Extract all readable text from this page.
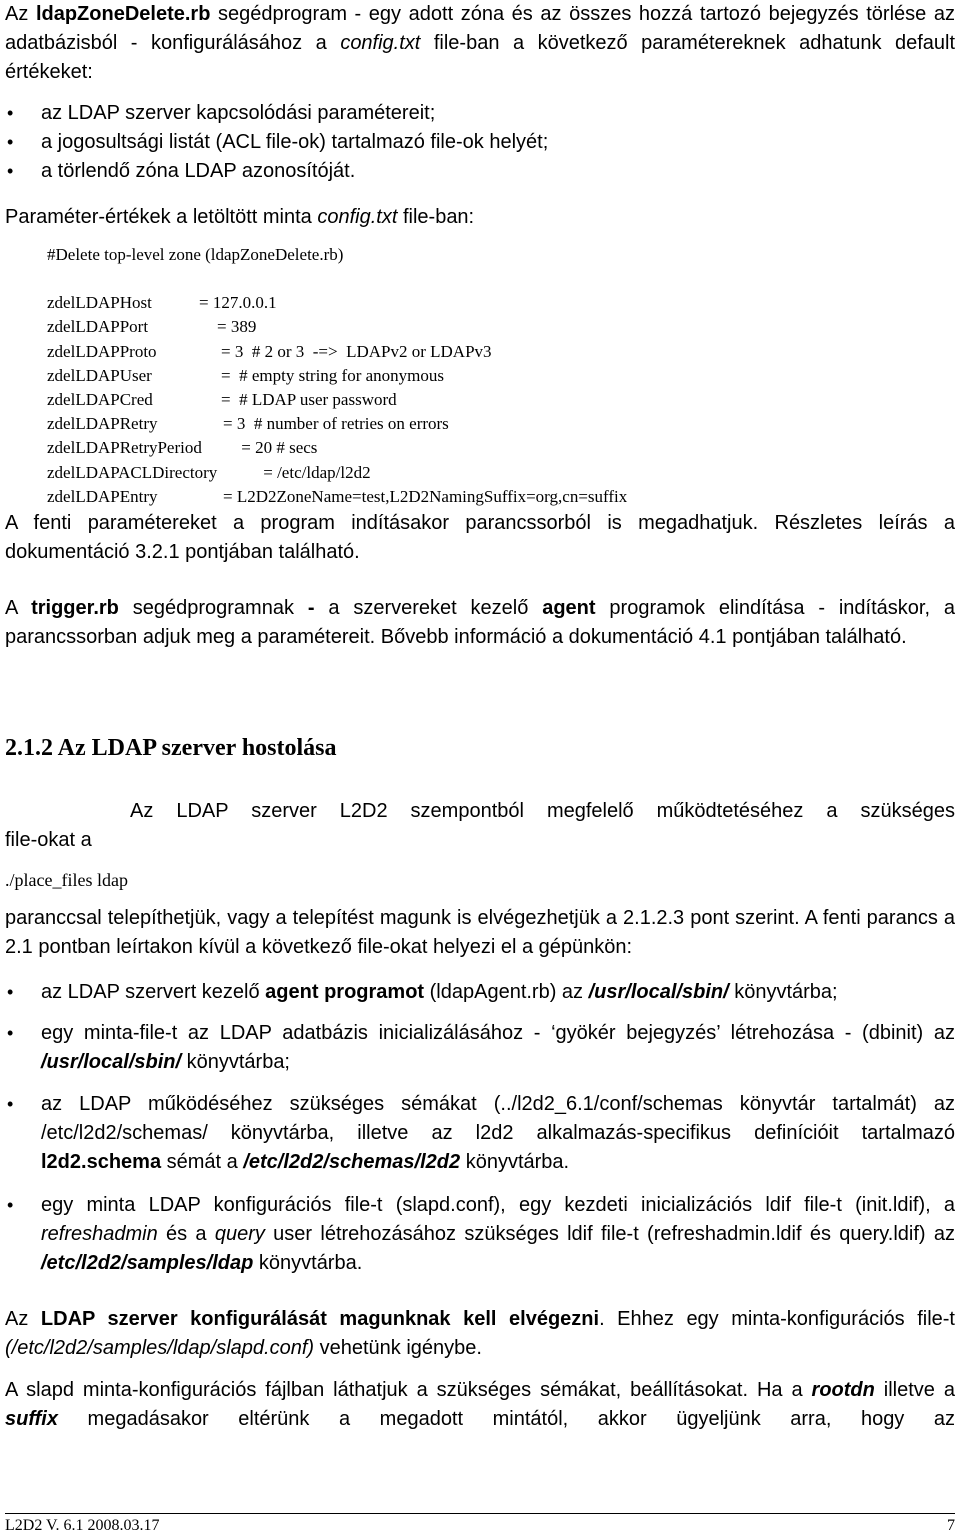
Az ldapZoneDelete.rb segédprogram - egy adott zóna és az összes hozzá tartozó bejegyzés törlése az adatbázisból - konfigurálásához a config.txt file-ban a következő paramétereknek adhatunk default értékeket:
• az LDAP szerver kapcsolódási paramétereit;
• a jogosultsági listát (ACL file-ok) tartalmazó file-ok helyét;
• a törlendő zóna LDAP azonosítóját.
Paraméter-értékek a letöltött minta config.txt file-ban:
#Delete top-level zone (ldapZoneDelete.rb)
zdelLDAPHost	= 127.0.0.1
zdelLDAPPort	= 389
zdelLDAPProto	= 3  # 2 or 3  -=>  LDAPv2 or LDAPv3
zdelLDAPUser	=  # empty string for anonymous
zdelLDAPCred	=  # LDAP user password
zdelLDAPRetry	= 3  # number of retries on errors
zdelLDAPRetryPeriod = 20 # secs
zdelLDAPACLDirectory = /etc/ldap/l2d2
zdelLDAPEntry	= L2D2ZoneName=test,L2D2NamingSuffix=org,cn=suffix
A fenti paramétereket a program indításakor parancssorból is megadhatjuk. Részletes leírás a dokumentáció 3.2.1 pontjában található.
A trigger.rb segédprogramnak - a szervereket kezelő agent programok elindítása - indításkor, a parancssorban adjuk meg a paramétereit. Bővebb információ a dokumentáció 4.1 pontjában található.
2.1.2 Az LDAP szerver hostolása
Az LDAP szerver L2D2 szempontból megfelelő működtetéséhez a szükséges
file-okat a
./place_files ldap
paranccsal telepíthetjük, vagy a telepítést magunk is elvégezhetjük a 2.1.2.3 pont szerint. A fenti parancs a 2.1 pontban leírtakon kívül a következő file-okat helyezi el a gépünkön:
• az LDAP szervert kezelő agent programot (ldapAgent.rb) az /usr/local/sbin/ könyvtárba;
• egy minta-file-t az LDAP adatbázis inicializálásához - ‘gyökér bejegyzés’ létrehozása - (dbinit) az /usr/local/sbin/ könyvtárba;
• az LDAP működéséhez szükséges sémákat (../l2d2_6.1/conf/schemas könyvtár tartalmát) az /etc/l2d2/schemas/ könyvtárba, illetve az l2d2 alkalmazás-specifikus definícióit tartalmazó l2d2.schema sémát a /etc/l2d2/schemas/l2d2 könyvtárba.
• egy minta LDAP konfigurációs file-t (slapd.conf), egy kezdeti inicializációs ldif file-t (init.ldif), a refreshadmin és a query user létrehozásához szükséges ldif file-t (refreshadmin.ldif és query.ldif) az /etc/l2d2/samples/ldap könyvtárba.
Az LDAP szerver konfigurálását magunknak kell elvégezni. Ehhez egy minta-konfigurációs file-t (/etc/l2d2/samples/ldap/slapd.conf) vehetünk igénybe.
A slapd minta-konfigurációs fájlban láthatjuk a szükséges sémákat, beállításokat. Ha a rootdn illetve a suffix megadásakor eltérünk a megadott mintától, akkor ügyeljünk arra, hogy az
L2D2 V. 6.1 2008.03.17	7
